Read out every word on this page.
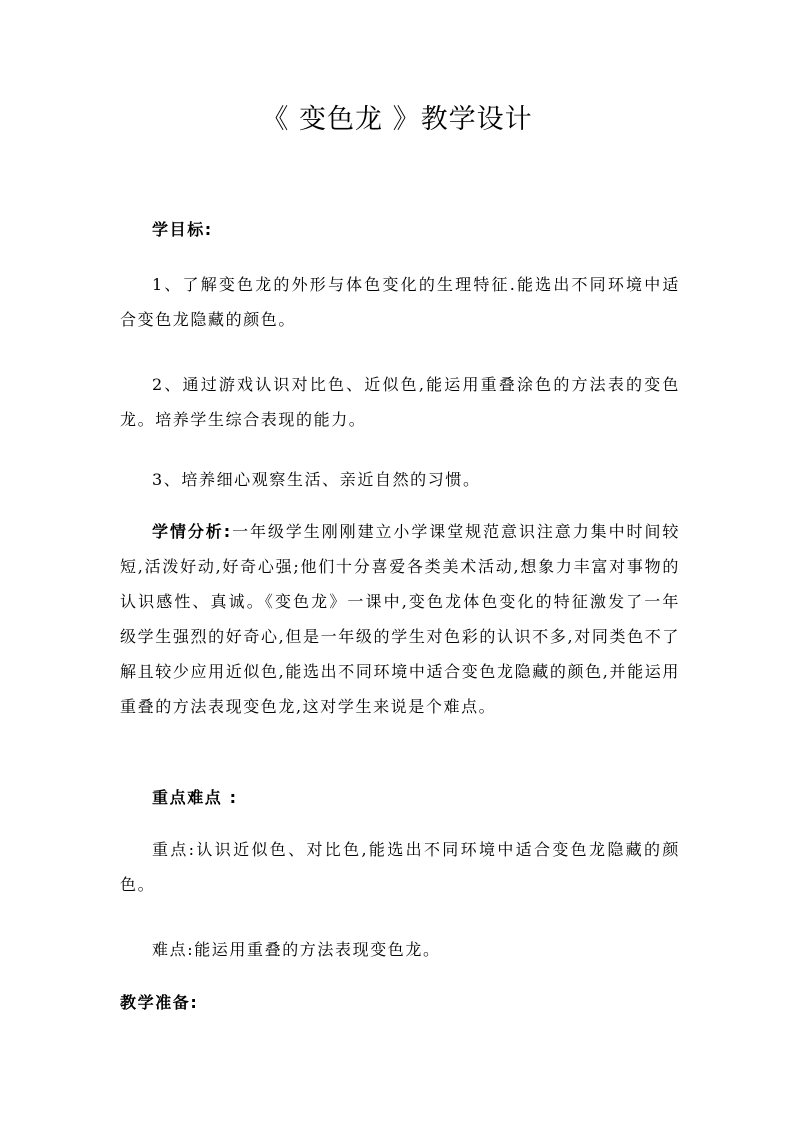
《 变色龙 》教学设计

学目标:

1、了解变色龙的外形与体色变化的生理特征.能选出不同环境中适合变色龙隐藏的颜色。

2、通过游戏认识对比色、近似色,能运用重叠涂色的方法表的变色龙。培养学生综合表现的能力。

3、培养细心观察生活、亲近自然的习惯。

学情分析:一年级学生刚刚建立小学课堂规范意识注意力集中时间较短,活泼好动,好奇心强;他们十分喜爱各类美术活动,想象力丰富对事物的认识感性、真诚。《变色龙》一课中,变色龙体色变化的特征激发了一年级学生强烈的好奇心,但是一年级的学生对色彩的认识不多,对同类色不了解且较少应用近似色,能选出不同环境中适合变色龙隐藏的颜色,并能运用重叠的方法表现变色龙,这对学生来说是个难点。

重点难点 :

重点:认识近似色、对比色,能选出不同环境中适合变色龙隐藏的颜色。

难点:能运用重叠的方法表现变色龙。

教学准备:
